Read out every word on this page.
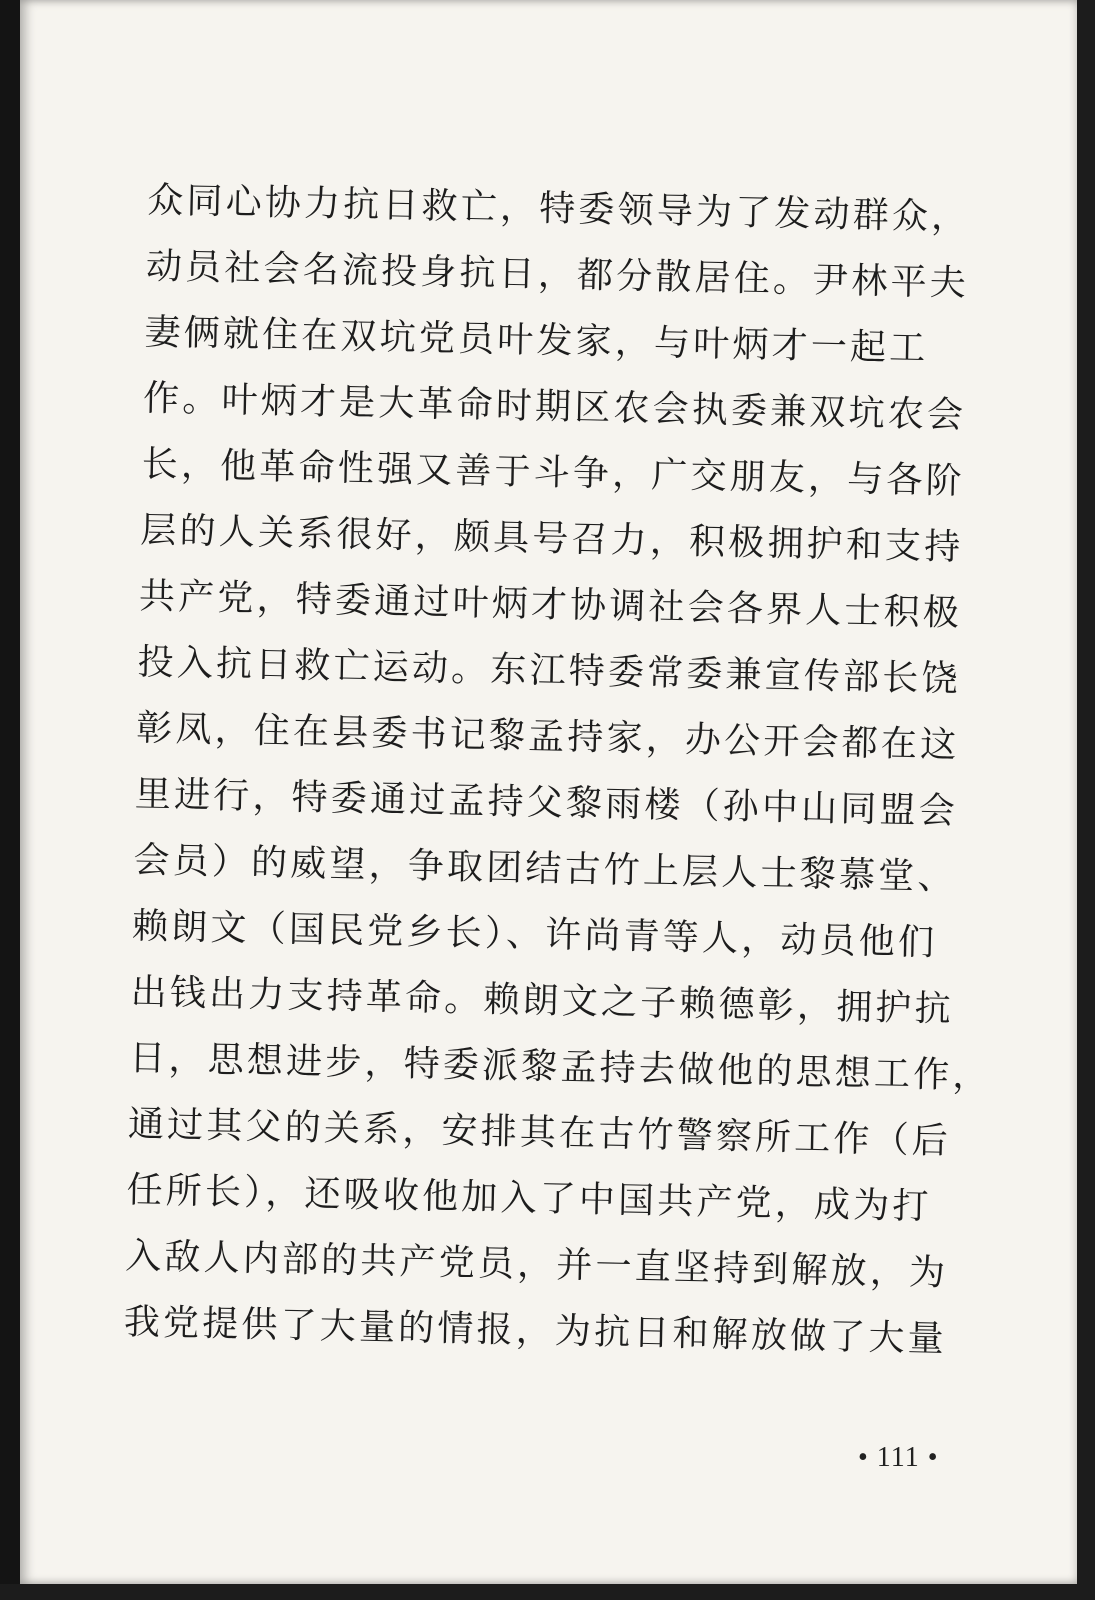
众同心协力抗日救亡，特委领导为了发动群众，
动员社会名流投身抗日，都分散居住。尹林平夫
妻俩就住在双坑党员叶发家，与叶炳才一起工
作。叶炳才是大革命时期区农会执委兼双坑农会
长，他革命性强又善于斗争，广交朋友，与各阶
层的人关系很好，颇具号召力，积极拥护和支持
共产党，特委通过叶炳才协调社会各界人士积极
投入抗日救亡运动。东江特委常委兼宣传部长饶
彰凤，住在县委书记黎孟持家，办公开会都在这
里进行，特委通过孟持父黎雨楼（孙中山同盟会
会员）的威望，争取团结古竹上层人士黎慕堂、
赖朗文（国民党乡长）、许尚青等人，动员他们
出钱出力支持革命。赖朗文之子赖德彰，拥护抗
日，思想进步，特委派黎孟持去做他的思想工作，
通过其父的关系，安排其在古竹警察所工作（后
任所长），还吸收他加入了中国共产党，成为打
入敌人内部的共产党员，并一直坚持到解放，为
我党提供了大量的情报，为抗日和解放做了大量
• 111 •
